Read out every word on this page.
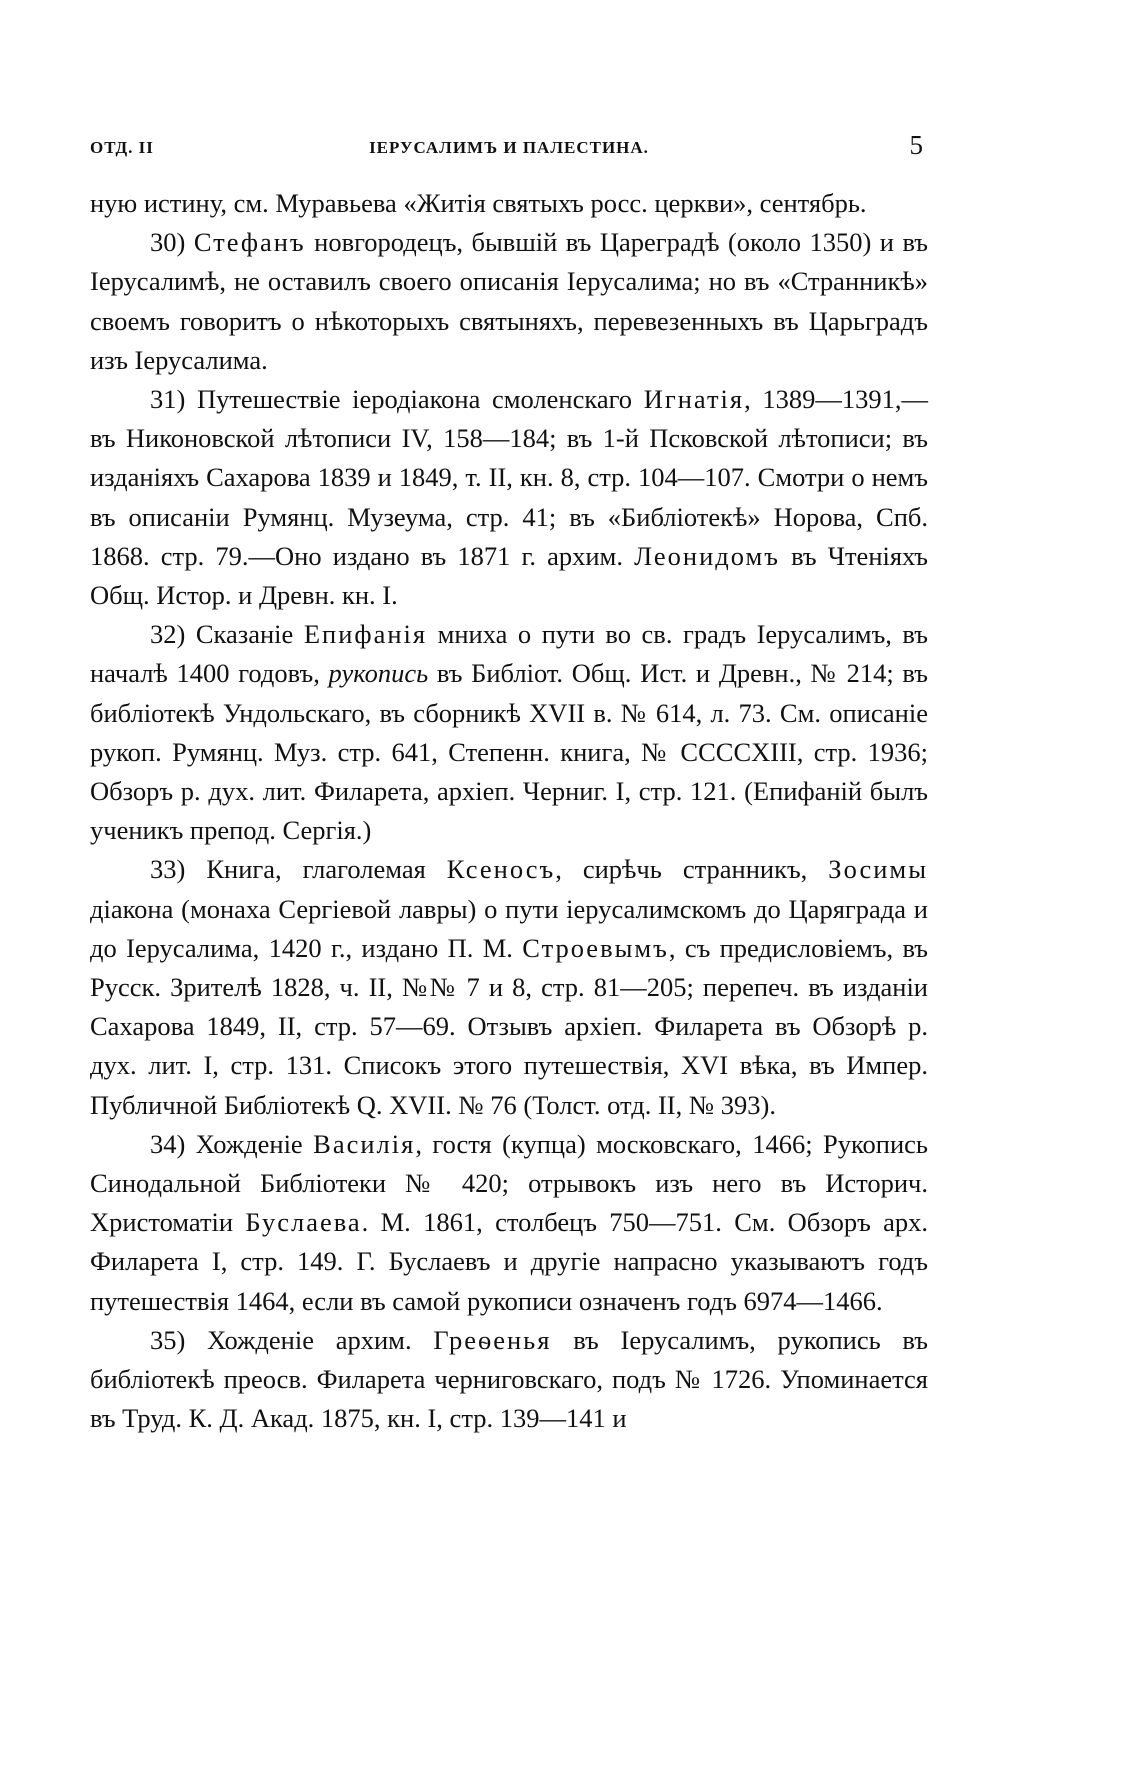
ОТД. II	ІЕРУСАЛИМЪ И ПАЛЕСТИНА.	5

ную истину, см. Муравьева «Житія святыхъ росс. церкви», сентябрь.

30) Стефанъ новгородецъ, бывшій въ Цареградѣ (около 1350) и въ Іерусалимѣ, не оставилъ своего описанія Іерусалима; но въ «Странникѣ» своемъ говоритъ о нѣкоторыхъ святыняхъ, перевезенныхъ въ Царьградъ изъ Іерусалима.

31) Путешествіе іеродіакона смоленскаго Игнатія, 1389—1391,—въ Никоновской лѣтописи IV, 158—184; въ 1-й Псковской лѣтописи; въ изданіяхъ Сахарова 1839 и 1849, т. II, кн. 8, стр. 104—107. Смотри о немъ въ описаніи Румянц. Музеума, стр. 41; въ «Библіотекѣ» Норова, Спб. 1868. стр. 79.—Оно издано въ 1871 г. архим. Леонидомъ въ Чтеніяхъ Общ. Истор. и Древн. кн. I.

32) Сказаніе Епифанія мниха о пути во св. градъ Іерусалимъ, въ началѣ 1400 годовъ, рукопись въ Библіот. Общ. Ист. и Древн., № 214; въ библіотекѣ Ундольскаго, въ сборникѣ XVII в. № 614, л. 73. См. описаніе рукоп. Румянц. Муз. стр. 641, Степенн. книга, № CCCCXIII, стр. 1936; Обзоръ р. дух. лит. Филарета, архіеп. Черниг. I, стр. 121. (Епифаній былъ ученикъ препод. Сергія.)

33) Книга, глаголемая Ксеносъ, сирѣчь странникъ, Зосимы діакона (монаха Сергіевой лавры) о пути іерусалимскомъ до Царяграда и до Іерусалима, 1420 г., издано П. М. Строевымъ, съ предисловіемъ, въ Русск. Зрителѣ 1828, ч. II, №№ 7 и 8, стр. 81—205; перепеч. въ изданіи Сахарова 1849, II, стр. 57—69. Отзывъ архіеп. Филарета въ Обзорѣ р. дух. лит. I, стр. 131. Списокъ этого путешествія, XVI вѣка, въ Импер. Публичной Библіотекѣ Q. XVII. № 76 (Толст. отд. II, № 393).

34) Хожденіе Василія, гостя (купца) московскаго, 1466; Рукопись Синодальной Библіотеки № 420; отрывокъ изъ него въ Историч. Христоматіи Буслаева. М. 1861, столбецъ 750—751. См. Обзоръ арх. Филарета I, стр. 149. Г. Буслаевъ и другіе напрасно указываютъ годъ путешествія 1464, если въ самой рукописи означенъ годъ 6974—1466.

35) Хожденіе архим. Греѳенья въ Іерусалимъ, рукопись въ библіотекѣ преосв. Филарета черниговскаго, подъ № 1726. Упоминается въ Труд. К. Д. Акад. 1875, кн. I, стр. 139—141 и
